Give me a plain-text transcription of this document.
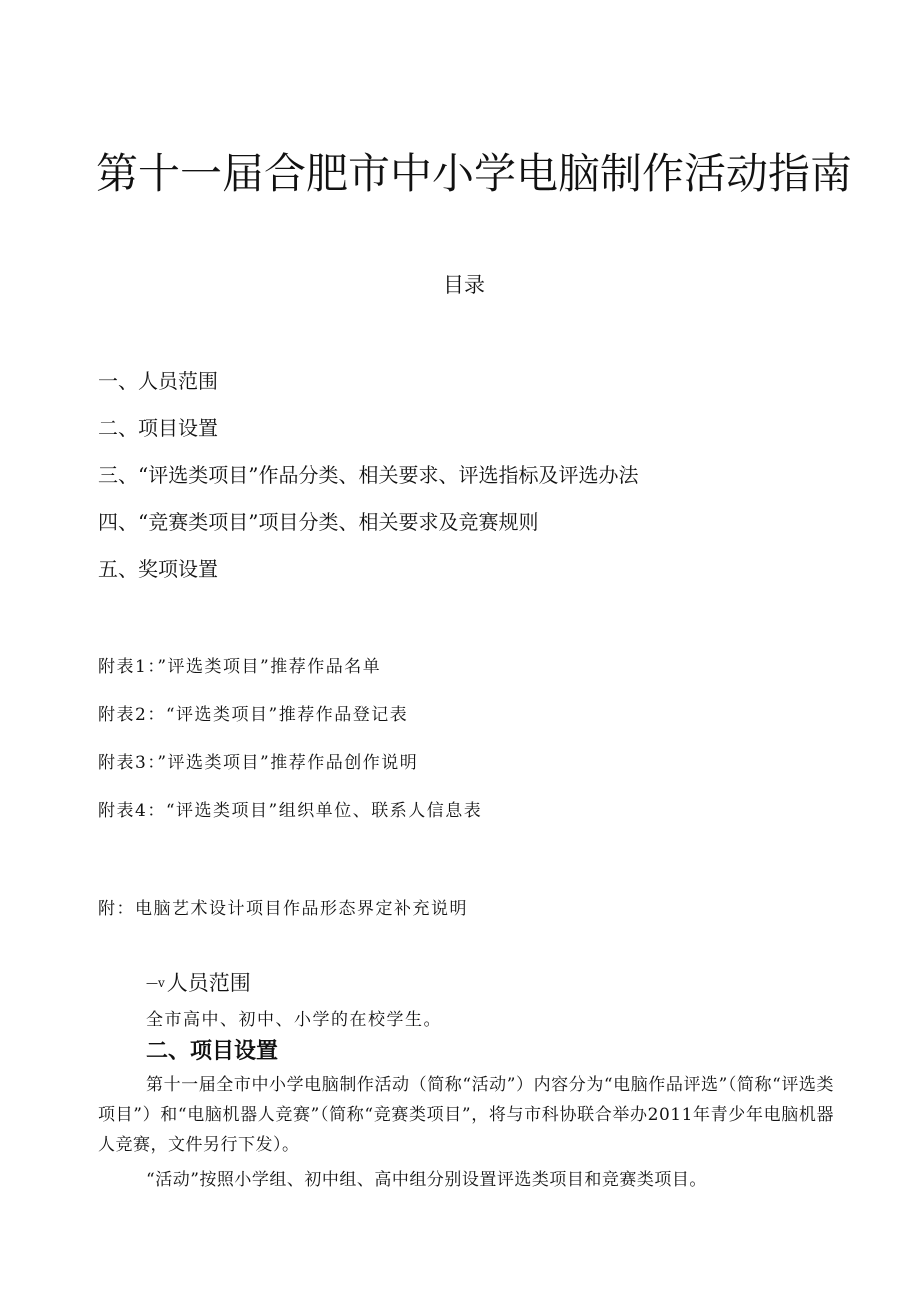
第十一届合肥市中小学电脑制作活动指南
目录
一、人员范围
二、项目设置
三、“评选类项目”作品分类、相关要求、评选指标及评选办法
四、“竞赛类项目”项目分类、相关要求及竞赛规则
五、奖项设置
附表1：”评选类项目”推荐作品名单
附表2：“评选类项目”推荐作品登记表
附表3：”评选类项目”推荐作品创作说明
附表4：“评选类项目”组织单位、联系人信息表

附：电脑艺术设计项目作品形态界定补充说明

—v人员范围

全市高中、初中、小学的在校学生。

二、项目设置

第十一届全市中小学电脑制作活动（简称“活动”）内容分为“电脑作品评选”（简称“评选类项目”）和“电脑机器人竞赛”（简称“竞赛类项目”，将与市科协联合举办2011年青少年电脑机器人竞赛，文件另行下发）。

“活动”按照小学组、初中组、高中组分别设置评选类项目和竞赛类项目。
